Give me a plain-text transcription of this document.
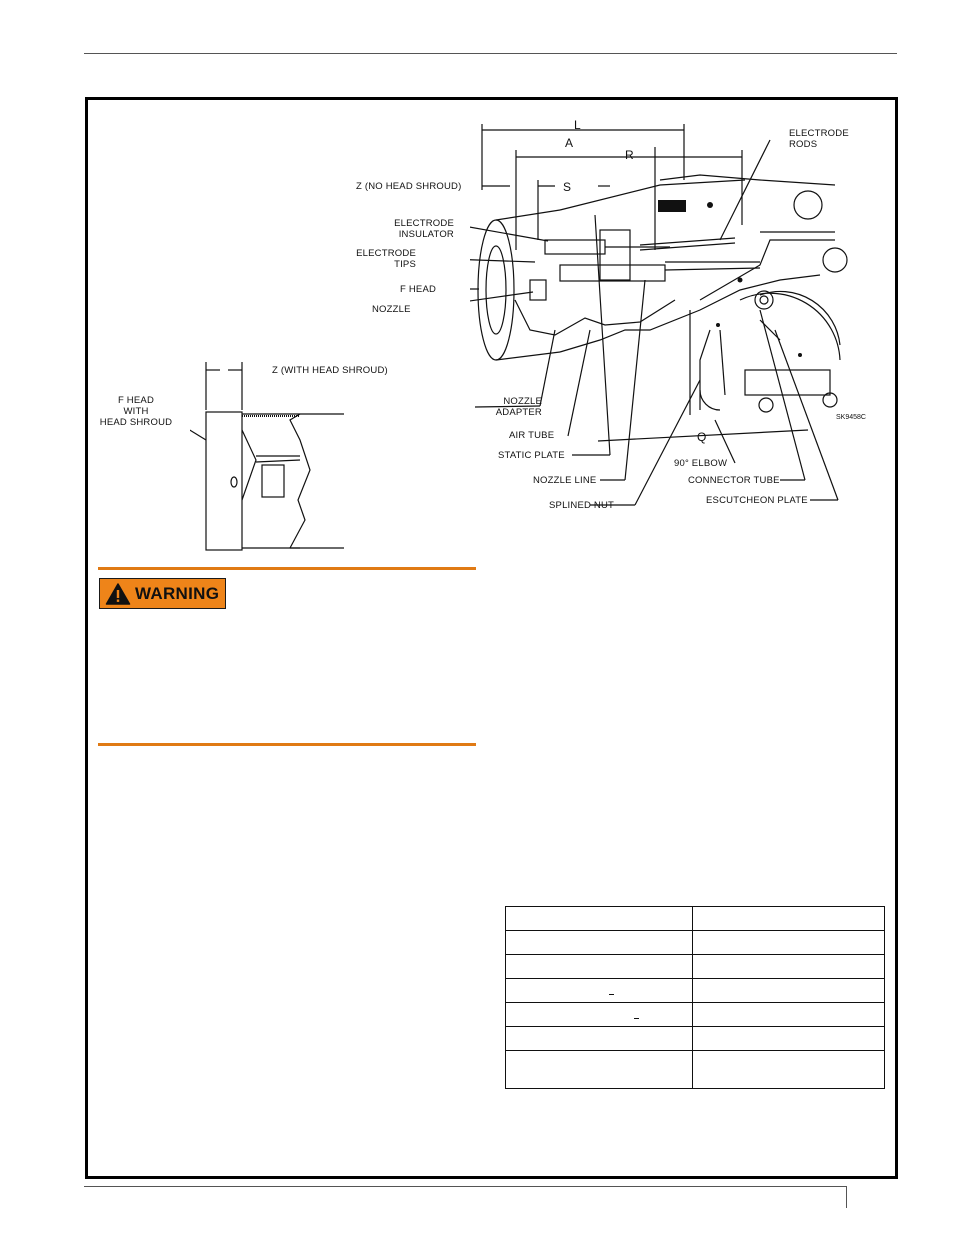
L
A
R
S
Q
ELECTRODE
RODS
Z (NO HEAD SHROUD)
ELECTRODE
INSULATOR
ELECTRODE
TIPS
F HEAD
NOZZLE
NOZZLE
ADAPTER
AIR TUBE
STATIC PLATE
NOZZLE LINE
SPLINED NUT
90° ELBOW
CONNECTOR TUBE
ESCUTCHEON PLATE
SK9458C
Z (WITH HEAD SHROUD)
F HEAD
WITH
HEAD SHROUD
WARNING
